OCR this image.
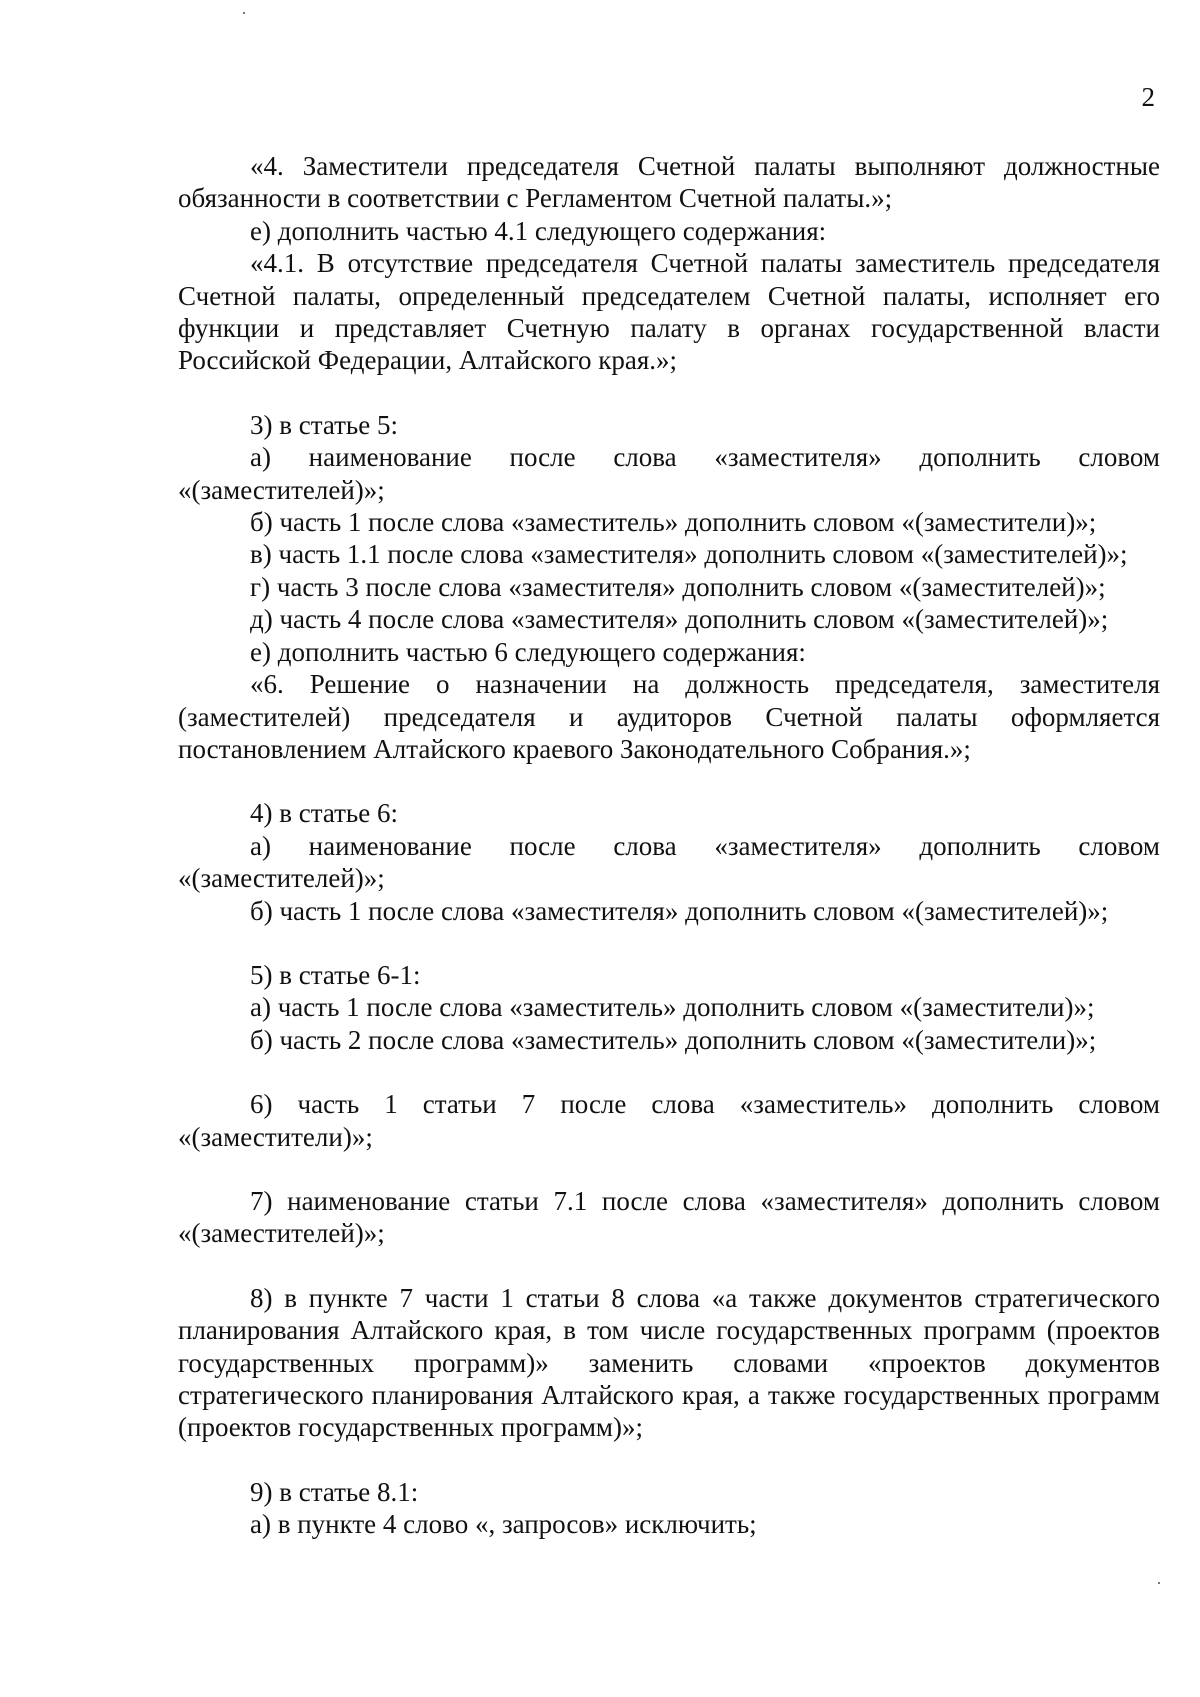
2

«4. Заместители председателя Счетной палаты выполняют должностные обязанности в соответствии с Регламентом Счетной палаты.»;

е) дополнить частью 4.1 следующего содержания:

«4.1. В отсутствие председателя Счетной палаты заместитель председателя Счетной палаты, определенный председателем Счетной палаты, исполняет его функции и представляет Счетную палату в органах государственной власти Российской Федерации, Алтайского края.»;

3) в статье 5:

а) наименование после слова «заместителя» дополнить словом «(заместителей)»;

б) часть 1 после слова «заместитель» дополнить словом «(заместители)»;

в) часть 1.1 после слова «заместителя» дополнить словом «(заместителей)»;

г) часть 3 после слова «заместителя» дополнить словом «(заместителей)»;

д) часть 4 после слова «заместителя» дополнить словом «(заместителей)»;

е) дополнить частью 6 следующего содержания:

«6. Решение о назначении на должность председателя, заместителя (заместителей) председателя и аудиторов Счетной палаты оформляется постановлением Алтайского краевого Законодательного Собрания.»;

4) в статье 6:

а) наименование после слова «заместителя» дополнить словом «(заместителей)»;

б) часть 1 после слова «заместителя» дополнить словом «(заместителей)»;

5) в статье 6-1:

а) часть 1 после слова «заместитель» дополнить словом «(заместители)»;

б) часть 2 после слова «заместитель» дополнить словом «(заместители)»;

6) часть 1 статьи 7 после слова «заместитель» дополнить словом «(заместители)»;

7) наименование статьи 7.1 после слова «заместителя» дополнить словом «(заместителей)»;

8) в пункте 7 части 1 статьи 8 слова «а также документов стратегического планирования Алтайского края, в том числе государственных программ (проектов государственных программ)» заменить словами «проектов документов стратегического планирования Алтайского края, а также государственных программ (проектов государственных программ)»;

9) в статье 8.1:

а) в пункте 4 слово «, запросов» исключить;
